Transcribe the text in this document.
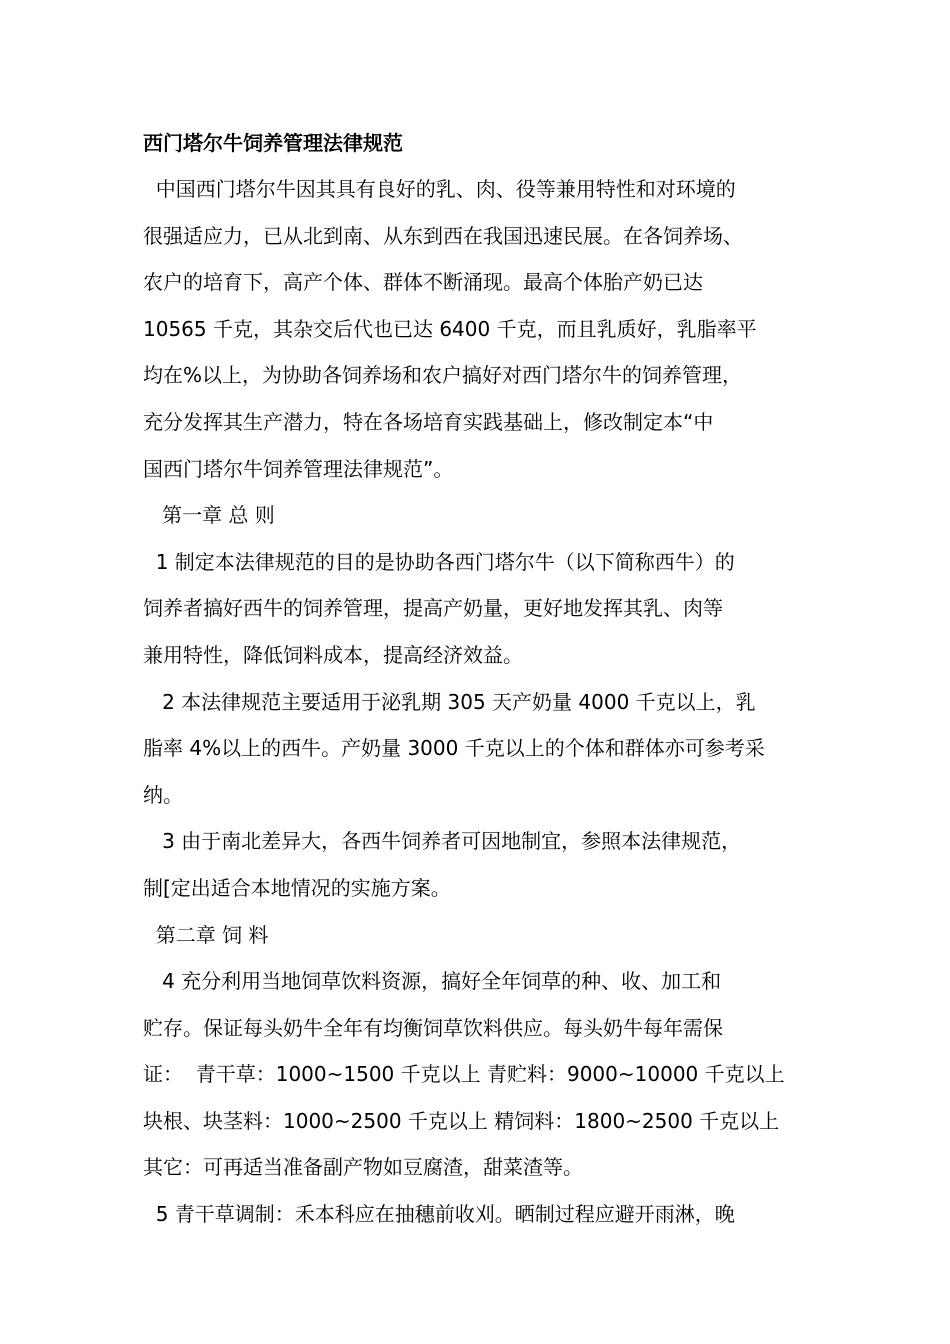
西门塔尔牛饲养管理法律规范

中国西门塔尔牛因其具有良好的乳、肉、役等兼用特性和对环境的

很强适应力，已从北到南、从东到西在我国迅速民展。在各饲养场、

农户的培育下，高产个体、群体不断涌现。最高个体胎产奶已达

10565 千克，其杂交后代也已达 6400 千克，而且乳质好，乳脂率平

均在%以上，为协助各饲养场和农户搞好对西门塔尔牛的饲养管理，

充分发挥其生产潜力，特在各场培育实践基础上，修改制定本“中

国西门塔尔牛饲养管理法律规范”。

第一章 总 则

1 制定本法律规范的目的是协助各西门塔尔牛（以下简称西牛）的

饲养者搞好西牛的饲养管理，提高产奶量，更好地发挥其乳、肉等

兼用特性，降低饲料成本，提高经济效益。

2 本法律规范主要适用于泌乳期 305 天产奶量 4000 千克以上，乳

脂率 4%以上的西牛。产奶量 3000 千克以上的个体和群体亦可参考采

纳。

3 由于南北差异大，各西牛饲养者可因地制宜，参照本法律规范，

制[定出适合本地情况的实施方案。

第二章 饲 料

4 充分利用当地饲草饮料资源，搞好全年饲草的种、收、加工和

贮存。保证每头奶牛全年有均衡饲草饮料供应。每头奶牛每年需保

证：  青干草：1000~1500 千克以上 青贮料：9000~10000 千克以上

块根、块茎料：1000~2500 千克以上 精饲料：1800~2500 千克以上

其它：可再适当准备副产物如豆腐渣，甜菜渣等。

5 青干草调制：禾本科应在抽穗前收刈。晒制过程应避开雨淋，晚
